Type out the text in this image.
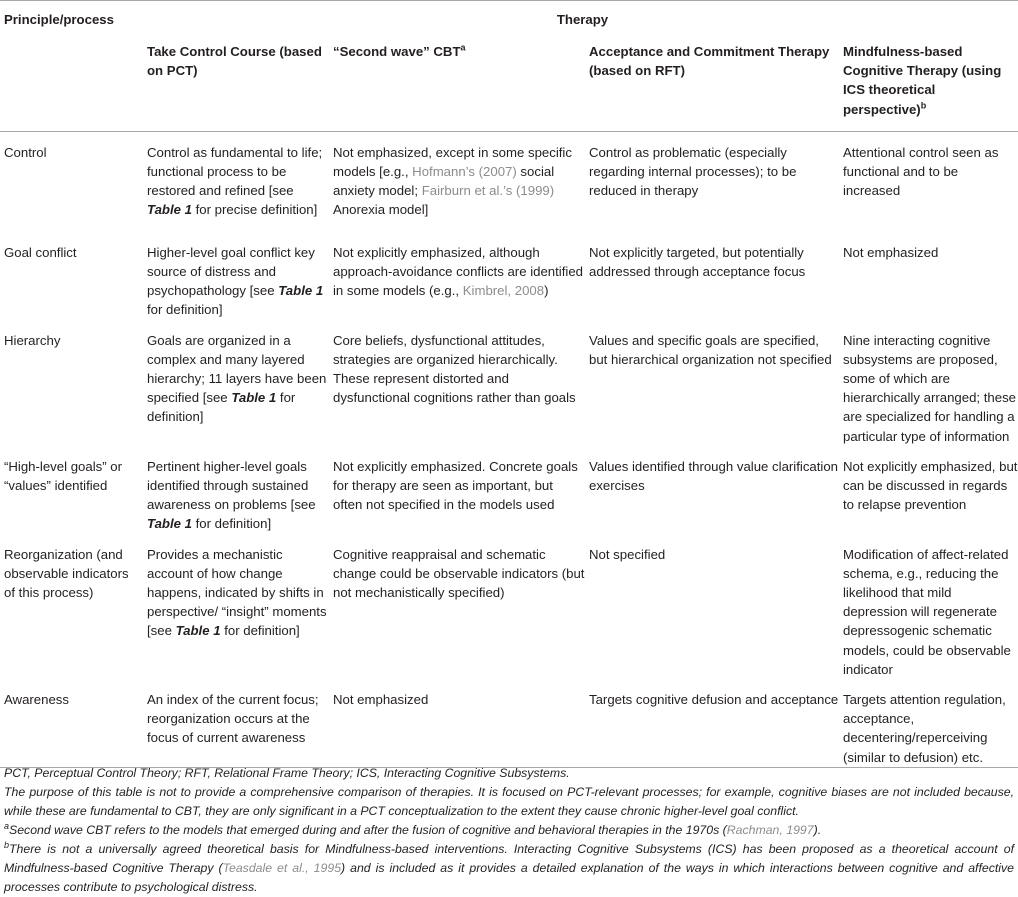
Principle/process	Therapy			
	Take Control Course (based on PCT)	“Second wave” CBT$^a$	Acceptance and Commitment Therapy (based on RFT)	Mindfulness-based Cognitive Therapy (using ICS theoretical perspective)$^b$
Control	Control as fundamental to life; functional process to be restored and refined [see Table 1 for precise definition]	Not emphasized, except in some specific models [e.g., Hofmann’s (2007) social anxiety model; Fairburn et al.’s (1999) Anorexia model]	Control as problematic (especially regarding internal processes); to be reduced in therapy	Attentional control seen as functional and to be increased
Goal conflict	Higher-level goal conflict key source of distress and psychopathology [see Table 1 for definition]	Not explicitly emphasized, although approach-avoidance conflicts are identified in some models (e.g., Kimbrel, 2008)	Not explicitly targeted, but potentially addressed through acceptance focus	Not emphasized
Hierarchy	Goals are organized in a complex and many layered hierarchy; 11 layers have been specified [see Table 1 for definition]	Core beliefs, dysfunctional attitudes, strategies are organized hierarchically. These represent distorted and dysfunctional cognitions rather than goals	Values and specific goals are specified, but hierarchical organization not specified	Nine interacting cognitive subsystems are proposed, some of which are hierarchically arranged; these are specialized for handling a particular type of information
“High-level goals” or “values” identified	Pertinent higher-level goals identified through sustained awareness on problems [see Table 1 for definition]	Not explicitly emphasized. Concrete goals for therapy are seen as important, but often not specified in the models used	Values identified through value clarification exercises	Not explicitly emphasized, but can be discussed in regards to relapse prevention
Reorganization (and observable indicators of this process)	Provides a mechanistic account of how change happens, indicated by shifts in perspective/ “insight” moments [see Table 1 for definition]	Cognitive reappraisal and schematic change could be observable indicators (but not mechanistically specified)	Not specified	Modification of affect-related schema, e.g., reducing the likelihood that mild depression will regenerate depressogenic schematic models, could be observable indicator
Awareness	An index of the current focus; reorganization occurs at the focus of current awareness	Not emphasized	Targets cognitive defusion and acceptance	Targets attention regulation, acceptance, decentering/reperceiving (similar to defusion) etc.

PCT, Perceptual Control Theory; RFT, Relational Frame Theory; ICS, Interacting Cognitive Subsystems.

The purpose of this table is not to provide a comprehensive comparison of therapies. It is focused on PCT-relevant processes; for example, cognitive biases are not included because, while these are fundamental to CBT, they are only significant in a PCT conceptualization to the extent they cause chronic higher-level goal conflict.

$^a$Second wave CBT refers to the models that emerged during and after the fusion of cognitive and behavioral therapies in the 1970s (Rachman, 1997).

$^b$There is not a universally agreed theoretical basis for Mindfulness-based interventions. Interacting Cognitive Subsystems (ICS) has been proposed as a theoretical account of Mindfulness-based Cognitive Therapy (Teasdale et al., 1995) and is included as it provides a detailed explanation of the ways in which interactions between cognitive and affective processes contribute to psychological distress.
